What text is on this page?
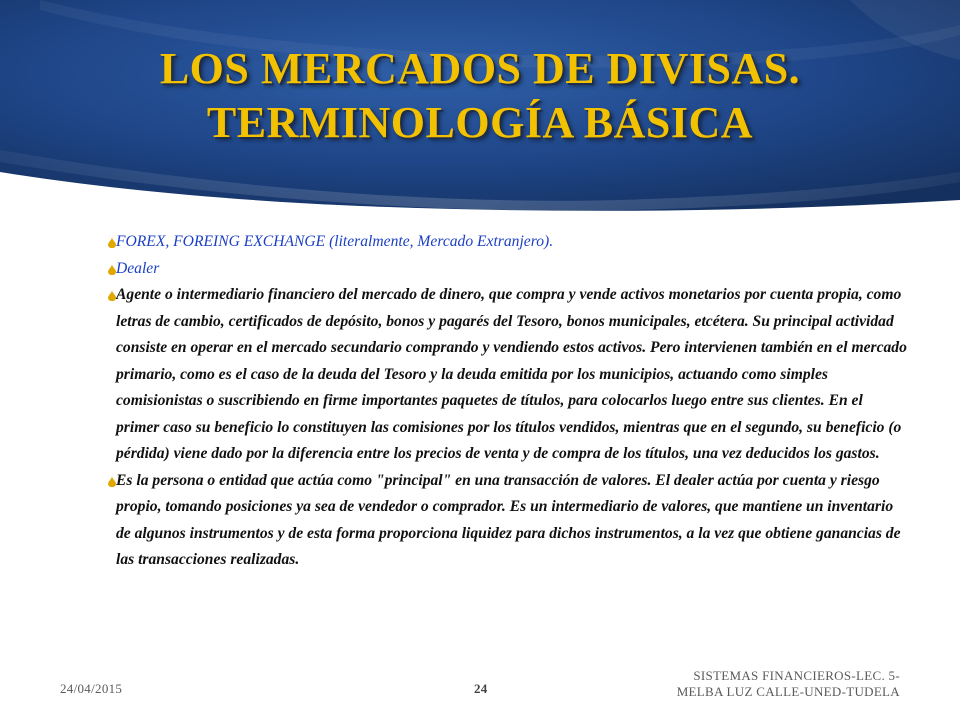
LOS MERCADOS DE DIVISAS.
TERMINOLOGÍA BÁSICA
FOREX, FOREING EXCHANGE (literalmente, Mercado Extranjero).
Dealer
Agente o intermediario financiero del mercado de dinero, que compra y vende activos monetarios por cuenta propia, como letras de cambio, certificados de depósito, bonos y pagarés del Tesoro, bonos municipales, etcétera. Su principal actividad consiste en operar en el mercado secundario comprando y vendiendo estos activos. Pero intervienen también en el mercado primario, como es el caso de la deuda del Tesoro y la deuda emitida por los municipios, actuando como simples comisionistas o suscribiendo en firme importantes paquetes de títulos, para colocarlos luego entre sus clientes. En el primer caso su beneficio lo constituyen las comisiones por los títulos vendidos, mientras que en el segundo, su beneficio (o pérdida) viene dado por la diferencia entre los precios de venta y de compra de los títulos, una vez deducidos los gastos.
Es la persona o entidad que actúa como "principal" en una transacción de valores. El dealer actúa por cuenta y riesgo propio, tomando posiciones ya sea de vendedor o comprador. Es un intermediario de valores, que mantiene un inventario de algunos instrumentos y de esta forma proporciona liquidez para dichos instrumentos, a la vez que obtiene ganancias de las transacciones realizadas.
24/04/2015	24
SISTEMAS FINANCIEROS-LEC. 5-
MELBA LUZ CALLE-UNED-TUDELA
